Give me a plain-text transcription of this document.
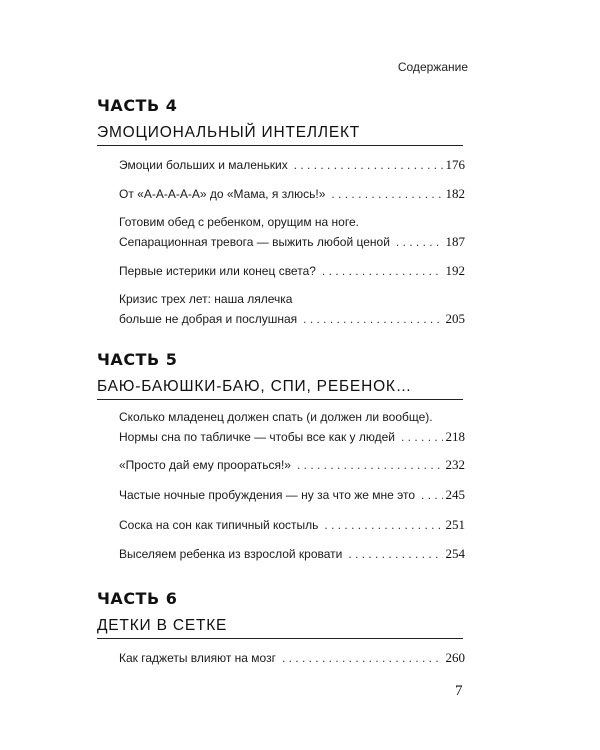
Содержание
ЧАСТЬ 4
ЭМОЦИОНАЛЬНЫЙ ИНТЕЛЛЕКТ
Эмоции больших и маленьких . . .	176
От «А-А-А-А-А» до «Мама, я злюсь!» . . .	182
Готовим обед с ребенком, орущим на ноге.
Сепарационная тревога — выжить любой ценой . . .	187
Первые истерики или конец света? . . .	192
Кризис трех лет: наша лялечка
больше не добрая и послушная . . .	205
ЧАСТЬ 5
БАЮ-БАЮШКИ-БАЮ, СПИ, РЕБЕНОК…
Сколько младенец должен спать (и должен ли вообще).
Нормы сна по табличке — чтобы все как у людей . . .	218
«Просто дай ему проораться!» . . .	232
Частые ночные пробуждения — ну за что же мне это . . . 245
Соска на сон как типичный костыль . . .	251
Выселяем ребенка из взрослой кровати . . .	254
ЧАСТЬ 6
ДЕТКИ В СЕТКЕ
Как гаджеты влияют на мозг . . .	260
7
